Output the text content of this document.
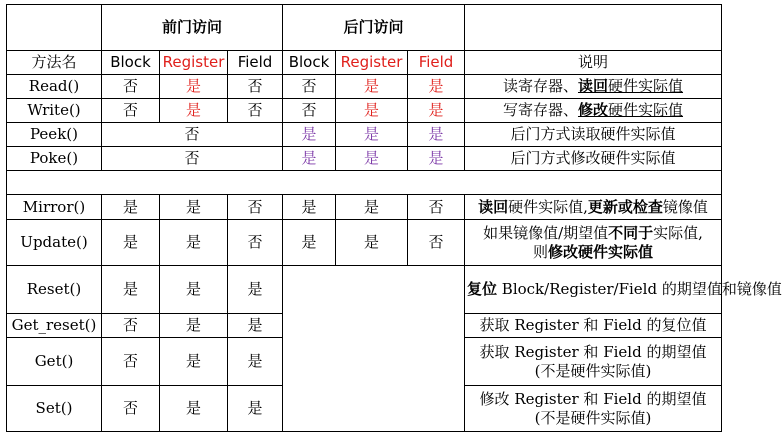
	前门访问			后门访问			
方法名	Block	Register	Field	Block	Register	Field	说明
Read()	否	是	否	否	是	是	读寄存器、读回硬件实际值
Write()	否	是	否	否	是	是	写寄存器、修改硬件实际值
Peek()	否			是	是	是	后门方式读取硬件实际值
Poke()	否			是	是	是	后门方式修改硬件实际值

Mirror()	是	是	否	是	是	否	读回硬件实际值,更新或检查镜像值
Update()	是	是	否	是	是	否	如果镜像值/期望值不同于实际值,
则修改硬件实际值
Reset()	是	是	是				复位 Block/Register/Field 的期望值和镜像值
Get_reset()	否	是	是				获取 Register 和 Field 的复位值
Get()	否	是	是				获取 Register 和 Field 的期望值
(不是硬件实际值)
Set()	否	是	是				修改 Register 和 Field 的期望值
(不是硬件实际值)
